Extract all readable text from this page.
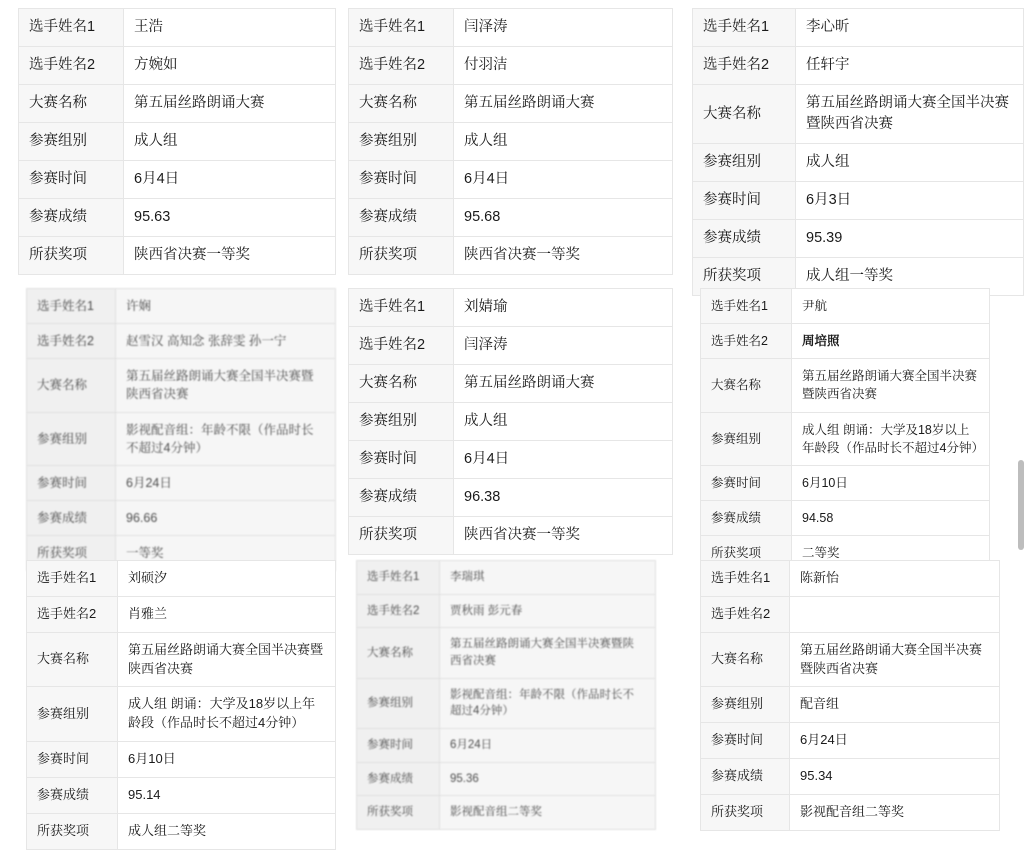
选手姓名1	王浩
选手姓名2	方婉如
大赛名称	第五届丝路朗诵大赛
参赛组别	成人组
参赛时间	6月4日
参赛成绩	95.63
所获奖项	陕西省决赛一等奖
选手姓名1	闫泽涛
选手姓名2	付羽洁
大赛名称	第五届丝路朗诵大赛
参赛组别	成人组
参赛时间	6月4日
参赛成绩	95.68
所获奖项	陕西省决赛一等奖
选手姓名1	李心昕
选手姓名2	任轩宇
大赛名称	第五届丝路朗诵大赛全国半决赛暨陕西省决赛
参赛组别	成人组
参赛时间	6月3日
参赛成绩	95.39
所获奖项	成人组一等奖
选手姓名1	许娴
选手姓名2	赵雪汉 高知念 张辞雯 孙一宁
大赛名称	第五届丝路朗诵大赛全国半决赛暨陕西省决赛
参赛组别	影视配音组：年龄不限（作品时长不超过4分钟）
参赛时间	6月24日
参赛成绩	96.66
所获奖项	一等奖
选手姓名1	刘婧瑜
选手姓名2	闫泽涛
大赛名称	第五届丝路朗诵大赛
参赛组别	成人组
参赛时间	6月4日
参赛成绩	96.38
所获奖项	陕西省决赛一等奖
选手姓名1	尹航
选手姓名2	周培照
大赛名称	第五届丝路朗诵大赛全国半决赛暨陕西省决赛
参赛组别	成人组 朗诵：大学及18岁以上年龄段（作品时长不超过4分钟）
参赛时间	6月10日
参赛成绩	94.58
所获奖项	二等奖
选手姓名1	刘硕汐
选手姓名2	肖雅兰
大赛名称	第五届丝路朗诵大赛全国半决赛暨陕西省决赛
参赛组别	成人组 朗诵：大学及18岁以上年龄段（作品时长不超过4分钟）
参赛时间	6月10日
参赛成绩	95.14
所获奖项	成人组二等奖
选手姓名1	李瑞琪
选手姓名2	贾秋雨 彭元春
大赛名称	第五届丝路朗诵大赛全国半决赛暨陕西省决赛
参赛组别	影视配音组：年龄不限（作品时长不超过4分钟）
参赛时间	6月24日
参赛成绩	95.36
所获奖项	影视配音组二等奖
选手姓名1	陈新怡
选手姓名2	
大赛名称	第五届丝路朗诵大赛全国半决赛暨陕西省决赛
参赛组别	配音组
参赛时间	6月24日
参赛成绩	95.34
所获奖项	影视配音组二等奖
